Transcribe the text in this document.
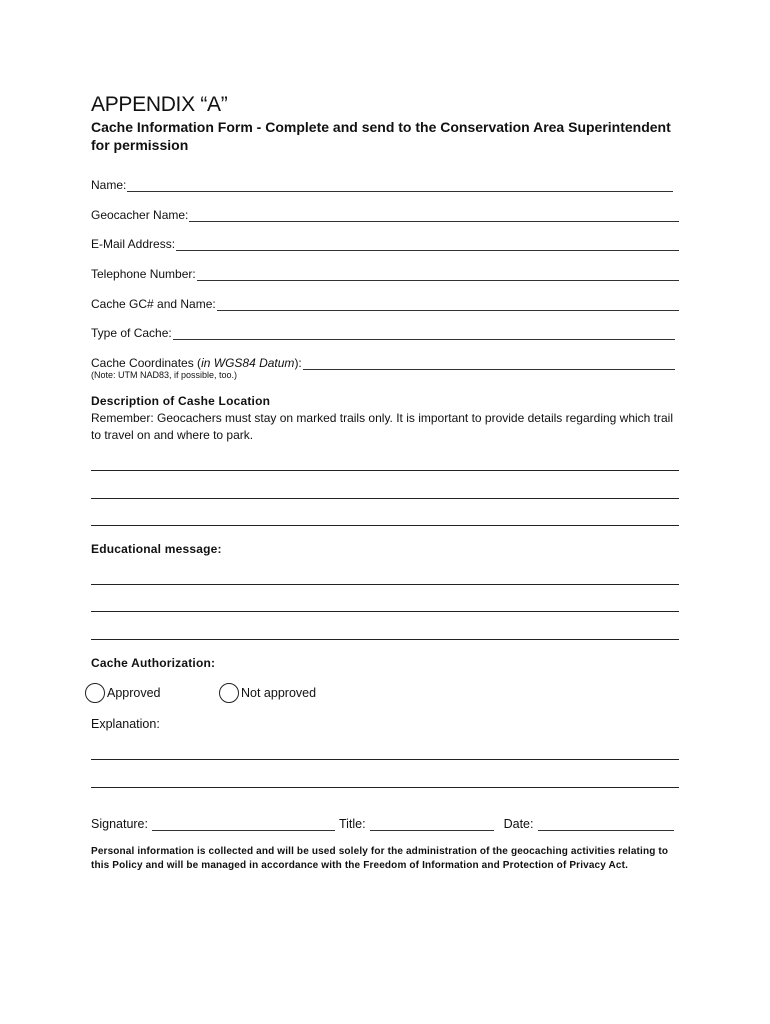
APPENDIX “A”
Cache Information Form - Complete and send to the Conservation Area Superintendent for permission
Name:
Geocacher Name:
E-Mail Address:
Telephone Number:
Cache GC# and Name:
Type of Cache:
Cache Coordinates (in WGS84 Datum):
(Note: UTM NAD83, if possible, too.)
Description of Cashe Location
Remember: Geocachers must stay on marked trails only. It is important to provide details regarding which trail to travel on and where to park.
Educational message:
Cache Authorization:
Approved	Not approved
Explanation:
Signature:	Title:	Date:
Personal information is collected and will be used solely for the administration of the geocaching activities relating to this Policy and will be managed in accordance with the Freedom of Information and Protection of Privacy Act.
